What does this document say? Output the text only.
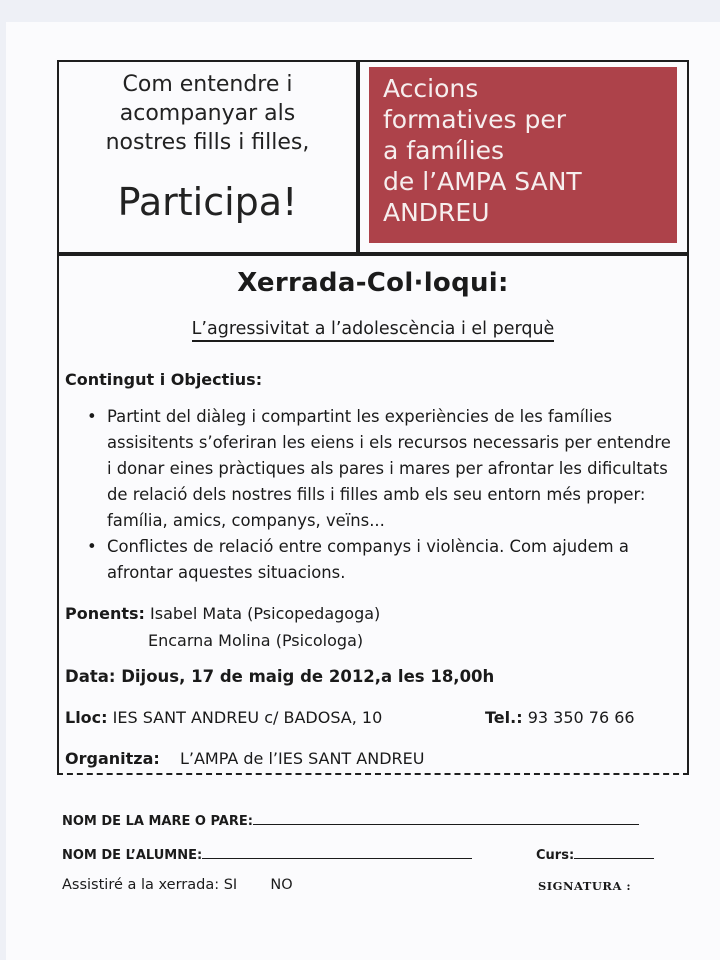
Com entendre i
acompanyar als
nostres fills i filles,
Participa!
Accions
formatives per
a famílies
de l’AMPA SANT
ANDREU
Xerrada-Col·loqui:
L’agressivitat a l’adolescència i el perquè
Contingut i Objectius:
• Partint del diàleg i compartint les experiències de les famílies assisitents s’oferiran les eiens i els recursos necessaris per entendre i donar eines pràctiques als pares i mares per afrontar les dificultats de relació dels nostres fills i filles amb els seu entorn més proper: família, amics, companys, veïns...
• Conflictes de relació entre companys i violència. Com ajudem a afrontar aquestes situacions.
Ponents: Isabel Mata (Psicopedagoga)
Encarna Molina (Psicologa)
Data: Dijous, 17 de maig de 2012,a les 18,00h
Lloc: IES SANT ANDREU c/ BADOSA, 10	Tel.: 93 350 76 66
Organitza: L’AMPA de l’IES SANT ANDREU
NOM DE LA MARE O PARE:
NOM DE L’ALUMNE:	Curs:
Assistiré a la xerrada: SI NO	SIGNATURA :
